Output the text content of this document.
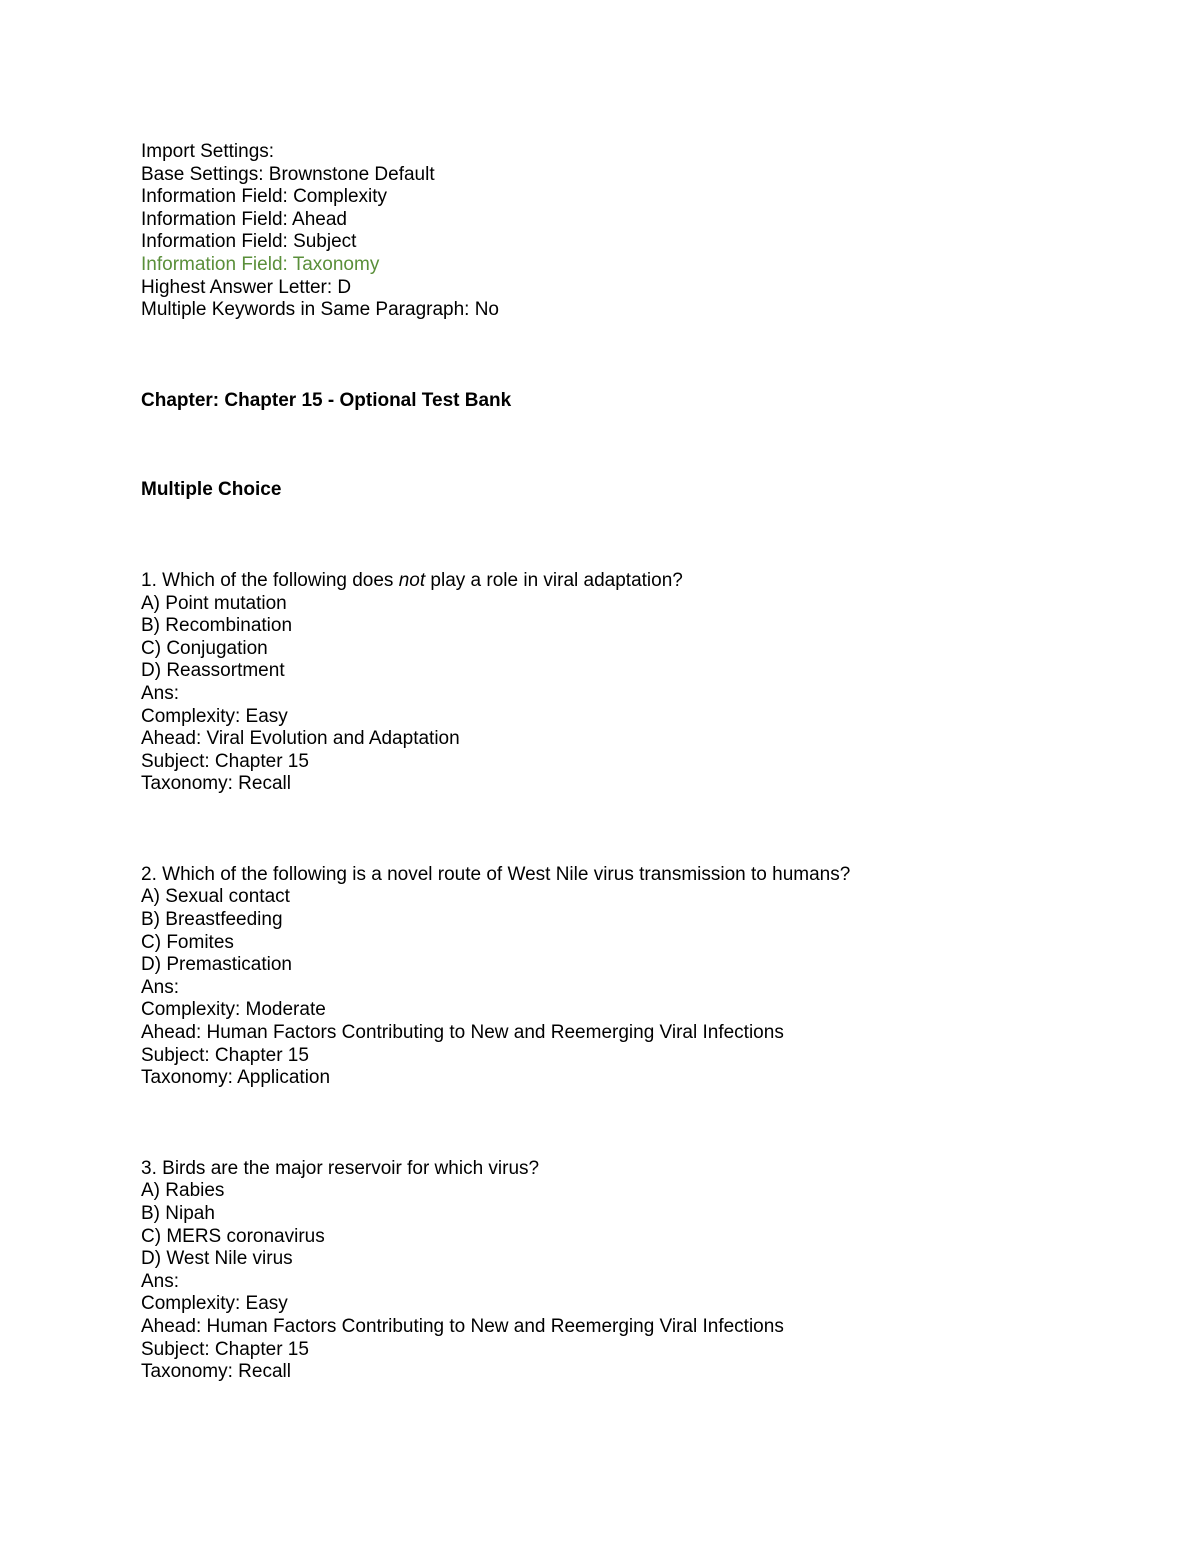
Import Settings:

Base Settings: Brownstone Default

Information Field: Complexity

Information Field: Ahead

Information Field: Subject

Information Field: Taxonomy

Highest Answer Letter: D

Multiple Keywords in Same Paragraph: No

Chapter: Chapter 15 - Optional Test Bank

Multiple Choice

1. Which of the following does not play a role in viral adaptation?

A) Point mutation

B) Recombination

C) Conjugation

D) Reassortment

Ans:

Complexity: Easy

Ahead: Viral Evolution and Adaptation

Subject: Chapter 15

Taxonomy: Recall

2. Which of the following is a novel route of West Nile virus transmission to humans?

A) Sexual contact

B) Breastfeeding

C) Fomites

D) Premastication

Ans:

Complexity: Moderate

Ahead: Human Factors Contributing to New and Reemerging Viral Infections

Subject: Chapter 15

Taxonomy: Application

3. Birds are the major reservoir for which virus?

A) Rabies

B) Nipah

C) MERS coronavirus

D) West Nile virus

Ans:

Complexity: Easy

Ahead: Human Factors Contributing to New and Reemerging Viral Infections

Subject: Chapter 15

Taxonomy: Recall
